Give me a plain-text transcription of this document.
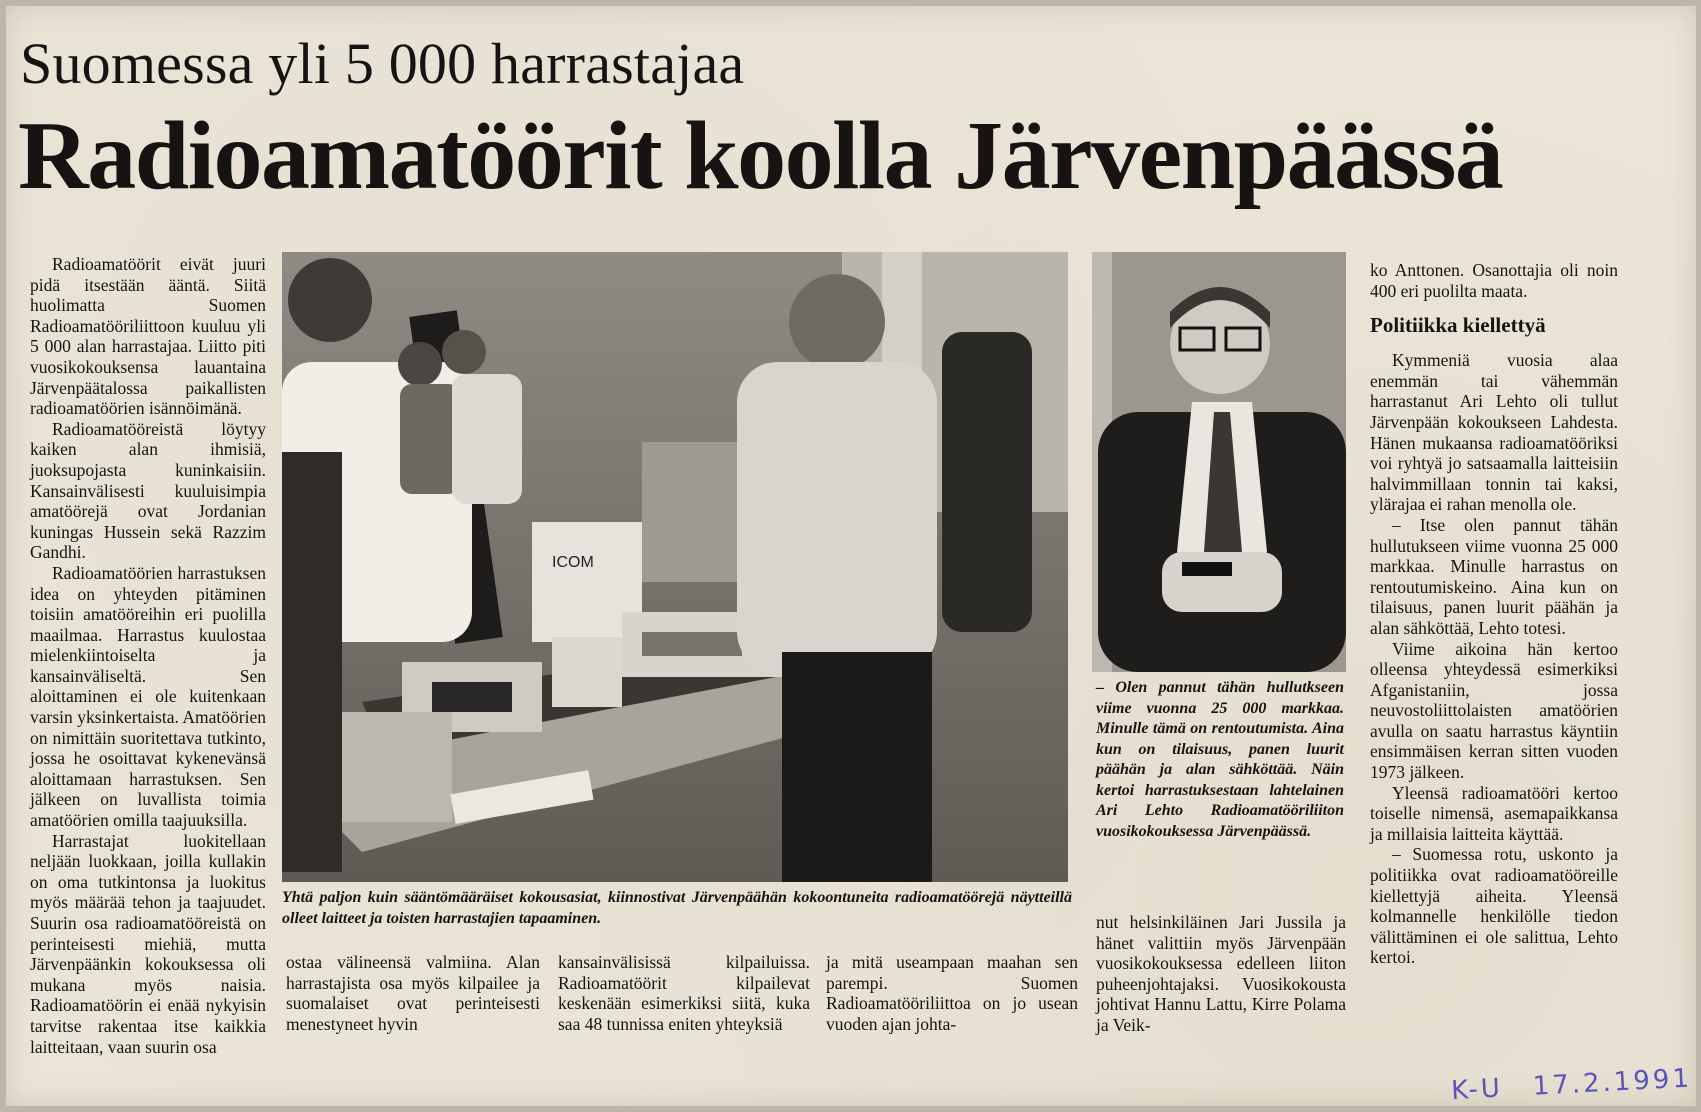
Suomessa yli 5 000 harrastajaa
Radioamatöörit koolla Järvenpäässä

Radioamatöörit eivät juuri pidä itsestään ääntä. Siitä huolimatta Suomen Radioamatööriliittoon kuuluu yli 5 000 alan harrastajaa. Liitto piti vuosikokouksensa lauantaina Järvenpäätalossa paikallisten radioamatöörien isännöimänä.

Radioamatööreistä löytyy kaiken alan ihmisiä, juoksupojasta kuninkaisiin. Kansainvälisesti kuuluisimpia amatöörejä ovat Jordanian kuningas Hussein sekä Razzim Gandhi.

Radioamatöörien harrastuksen idea on yhteyden pitäminen toisiin amatööreihin eri puolilla maailmaa. Harrastus kuulostaa mielenkiintoiselta ja kansainväliseltä. Sen aloittaminen ei ole kuitenkaan varsin yksinkertaista. Amatöörien on nimittäin suoritettava tutkinto, jossa he osoittavat kykenevänsä aloittamaan harrastuksen. Sen jälkeen on luvallista toimia amatöörien omilla taajuuksilla.

Harrastajat luokitellaan neljään luokkaan, joilla kullakin on oma tutkintonsa ja luokitus myös määrää tehon ja taajuudet. Suurin osa radioamatööreistä on perinteisesti miehiä, mutta Järvenpäänkin kokouksessa oli mukana myös naisia. Radioamatöörin ei enää nykyisin tarvitse rakentaa itse kaikkia laitteitaan, vaan suurin osa

ICOM
Yhtä paljon kuin sääntömääräiset kokousasiat, kiinnostivat Järvenpäähän kokoontuneita radioamatöörejä näytteillä olleet laitteet ja toisten harrastajien tapaaminen.
– Olen pannut tähän hullutkseen viime vuonna 25 000 markkaa. Minulle tämä on rentoutumista. Aina kun on tilaisuus, panen luurit päähän ja alan sähköttää. Näin kertoi harrastuksestaan lahtelainen Ari Lehto Radioamatööriliiton vuosikokouksessa Järvenpäässä.
ostaa välineensä valmiina. Alan harrastajista osa myös kilpailee ja suomalaiset ovat perinteisesti menestyneet hyvin
kansainvälisissä kilpailuissa. Radioamatöörit kilpailevat keskenään esimerkiksi siitä, kuka saa 48 tunnissa eniten yhteyksiä
ja mitä useampaan maahan sen parempi. Suomen Radioamatööriliittoa on jo usean vuoden ajan johta-
nut helsinkiläinen Jari Jussila ja hänet valittiin myös Järvenpään vuosikokouksessa edelleen liiton puheenjohtajaksi. Vuosikokousta johtivat Hannu Lattu, Kirre Polama ja Veik-

ko Anttonen. Osanottajia oli noin 400 eri puolilta maata.

Politiikka kiellettyä

Kymmeniä vuosia alaa enemmän tai vähemmän harrastanut Ari Lehto oli tullut Järvenpään kokoukseen Lahdesta. Hänen mukaansa radioamatööriksi voi ryhtyä jo satsaamalla laitteisiin halvimmillaan tonnin tai kaksi, ylärajaa ei rahan menolla ole.

– Itse olen pannut tähän hullutukseen viime vuonna 25 000 markkaa. Minulle harrastus on rentoutumiskeino. Aina kun on tilaisuus, panen luurit päähän ja alan sähköttää, Lehto totesi.

Viime aikoina hän kertoo olleensa yhteydessä esimerkiksi Afganistaniin, jossa neuvostoliittolaisten amatöörien avulla on saatu harrastus käyntiin ensimmäisen kerran sitten vuoden 1973 jälkeen.

Yleensä radioamatööri kertoo toiselle nimensä, asemapaikkansa ja millaisia laitteita käyttää.

– Suomessa rotu, uskonto ja politiikka ovat radioamatööreille kiellettyjä aiheita. Yleensä kolmannelle henkilölle tiedon välittäminen ei ole salittua, Lehto kertoi.

K-U 17.2.1991
